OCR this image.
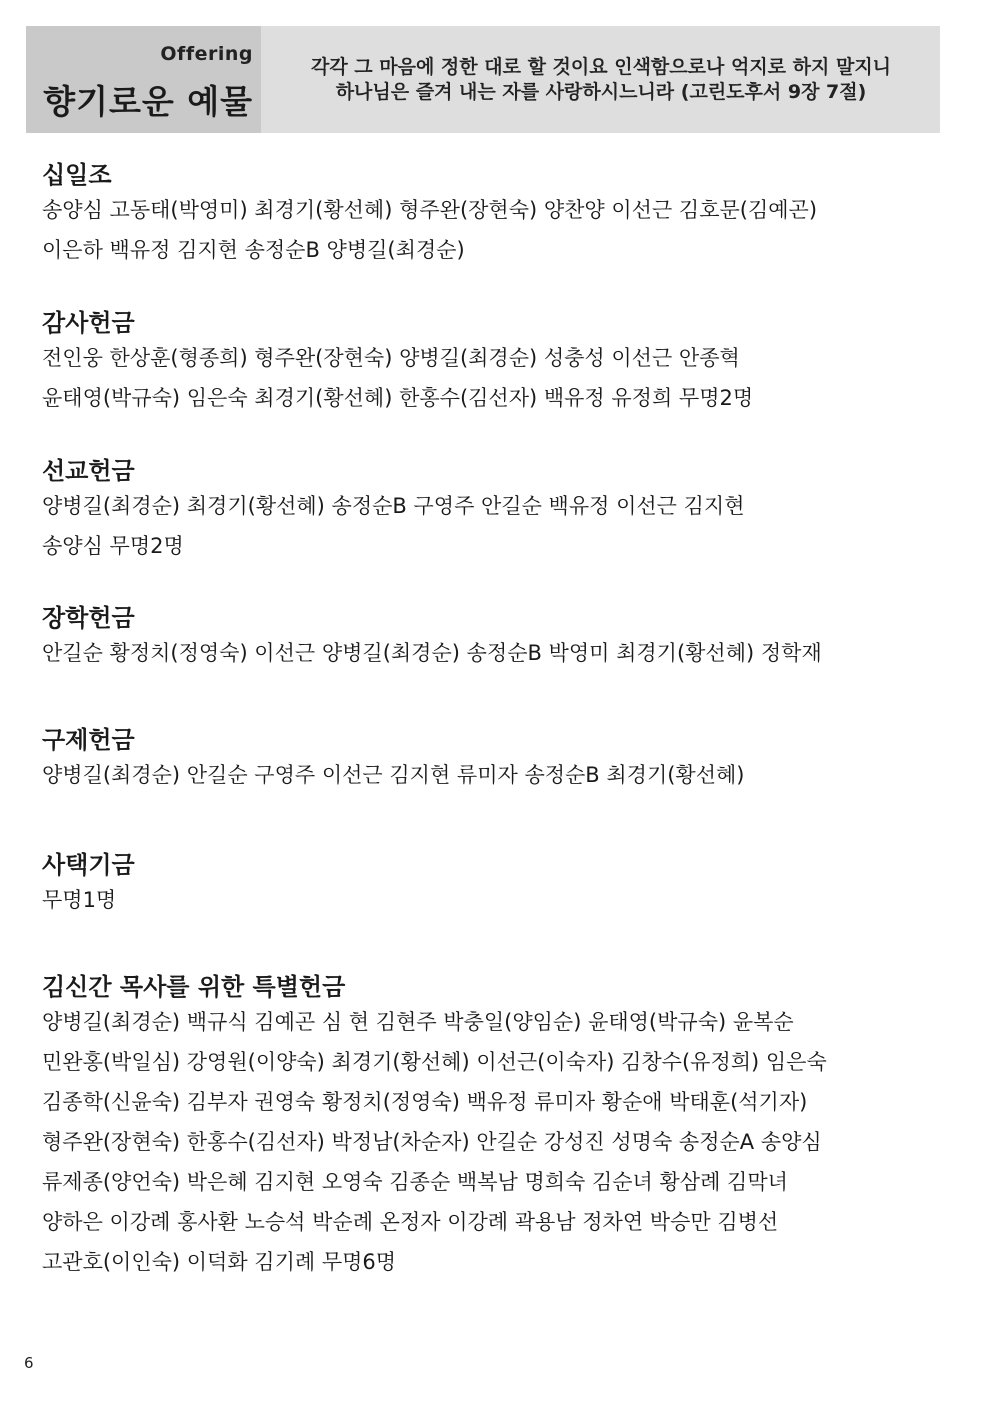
Offering
향기로운 예물
각각 그 마음에 정한 대로 할 것이요 인색함으로나 억지로 하지 말지니
하나님은 즐겨 내는 자를 사랑하시느니라 (고린도후서 9장 7절)
십일조
송양심 고동태(박영미) 최경기(황선혜) 형주완(장현숙) 양찬양 이선근 김호문(김예곤)
이은하 백유정 김지현 송정순B 양병길(최경순)
감사헌금
전인웅 한상훈(형종희) 형주완(장현숙) 양병길(최경순) 성충성 이선근 안종혁
윤태영(박규숙) 임은숙 최경기(황선혜) 한홍수(김선자) 백유정 유정희 무명2명
선교헌금
양병길(최경순) 최경기(황선혜) 송정순B 구영주 안길순 백유정 이선근 김지현
송양심 무명2명
장학헌금
안길순 황정치(정영숙) 이선근 양병길(최경순) 송정순B 박영미 최경기(황선혜) 정학재
구제헌금
양병길(최경순) 안길순 구영주 이선근 김지현 류미자 송정순B 최경기(황선혜)
사택기금
무명1명
김신간 목사를 위한 특별헌금
양병길(최경순) 백규식 김예곤 심 현 김현주 박충일(양임순) 윤태영(박규숙) 윤복순
민완홍(박일심) 강영원(이양숙) 최경기(황선혜) 이선근(이숙자) 김창수(유정희) 임은숙
김종학(신윤숙) 김부자 권영숙 황정치(정영숙) 백유정 류미자 황순애 박태훈(석기자)
형주완(장현숙) 한홍수(김선자) 박정남(차순자) 안길순 강성진 성명숙 송정순A 송양심
류제종(양언숙) 박은혜 김지현 오영숙 김종순 백복남 명희숙 김순녀 황삼례 김막녀
양하은 이강례 홍사환 노승석 박순례 온정자 이강례 곽용남 정차연 박승만 김병선
고관호(이인숙) 이덕화 김기례 무명6명
6
